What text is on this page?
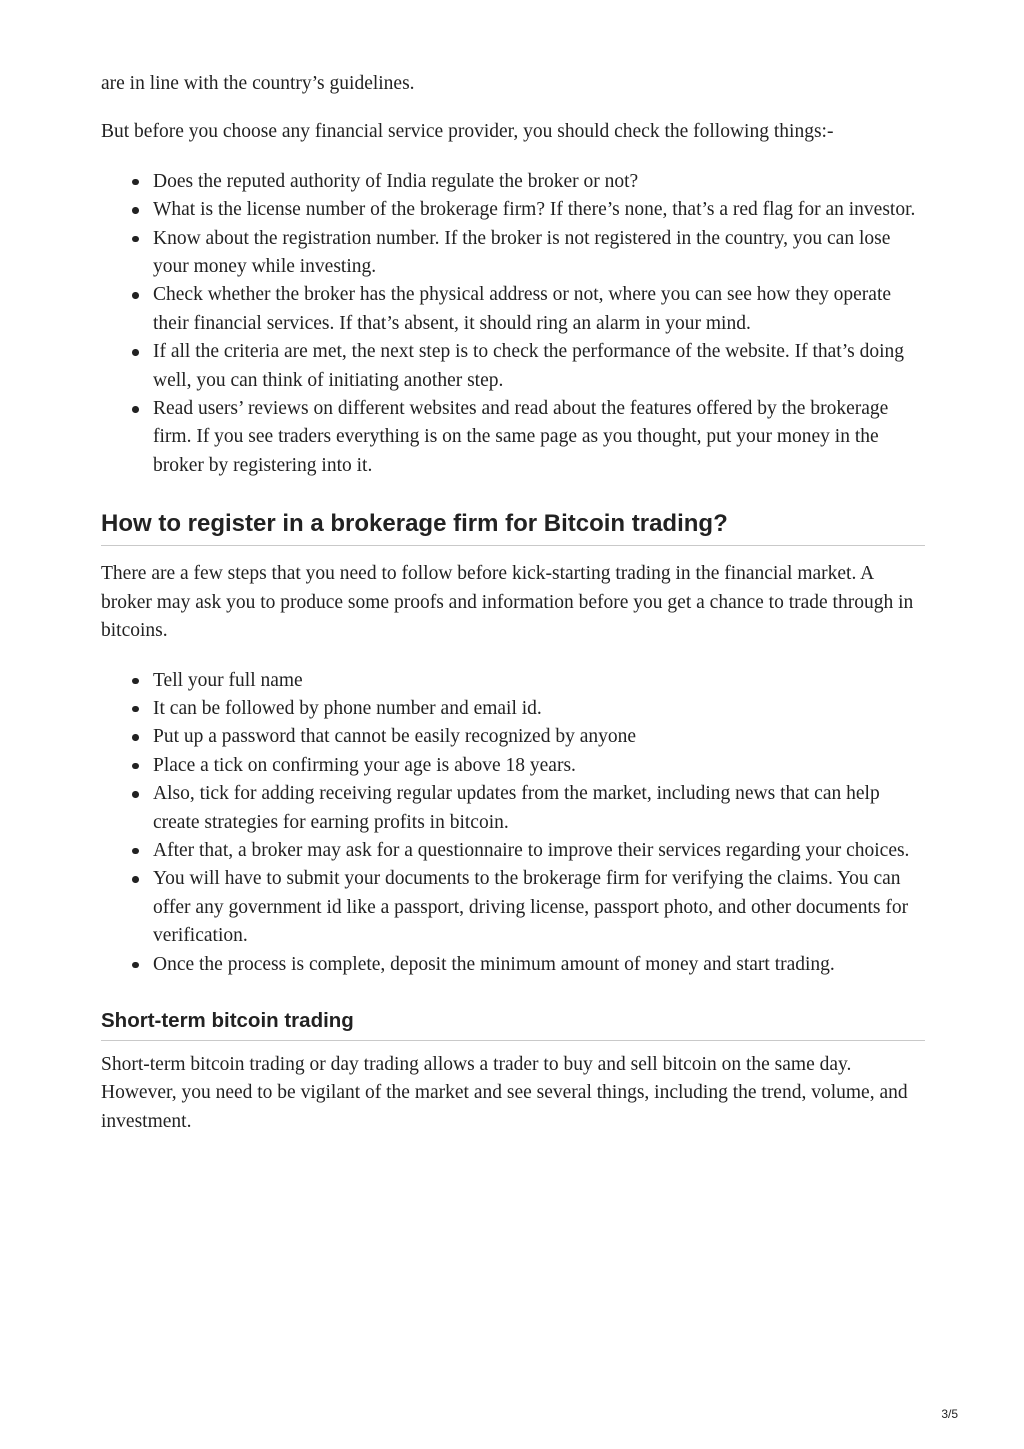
are in line with the country’s guidelines.

But before you choose any financial service provider, you should check the following things:-

Does the reputed authority of India regulate the broker or not?
What is the license number of the brokerage firm? If there’s none, that’s a red flag for an investor.
Know about the registration number. If the broker is not registered in the country, you can lose your money while investing.
Check whether the broker has the physical address or not, where you can see how they operate their financial services. If that’s absent, it should ring an alarm in your mind.
If all the criteria are met, the next step is to check the performance of the website. If that’s doing well, you can think of initiating another step.
Read users’ reviews on different websites and read about the features offered by the brokerage firm. If you see traders everything is on the same page as you thought, put your money in the broker by registering into it.
How to register in a brokerage firm for Bitcoin trading?

There are a few steps that you need to follow before kick-starting trading in the financial market. A broker may ask you to produce some proofs and information before you get a chance to trade through in bitcoins.

Tell your full name
It can be followed by phone number and email id.
Put up a password that cannot be easily recognized by anyone
Place a tick on confirming your age is above 18 years.
Also, tick for adding receiving regular updates from the market, including news that can help create strategies for earning profits in bitcoin.
After that, a broker may ask for a questionnaire to improve their services regarding your choices.
You will have to submit your documents to the brokerage firm for verifying the claims. You can offer any government id like a passport, driving license, passport photo, and other documents for verification.
Once the process is complete, deposit the minimum amount of money and start trading.
Short-term bitcoin trading

Short-term bitcoin trading or day trading allows a trader to buy and sell bitcoin on the same day. However, you need to be vigilant of the market and see several things, including the trend, volume, and investment.

3/5
